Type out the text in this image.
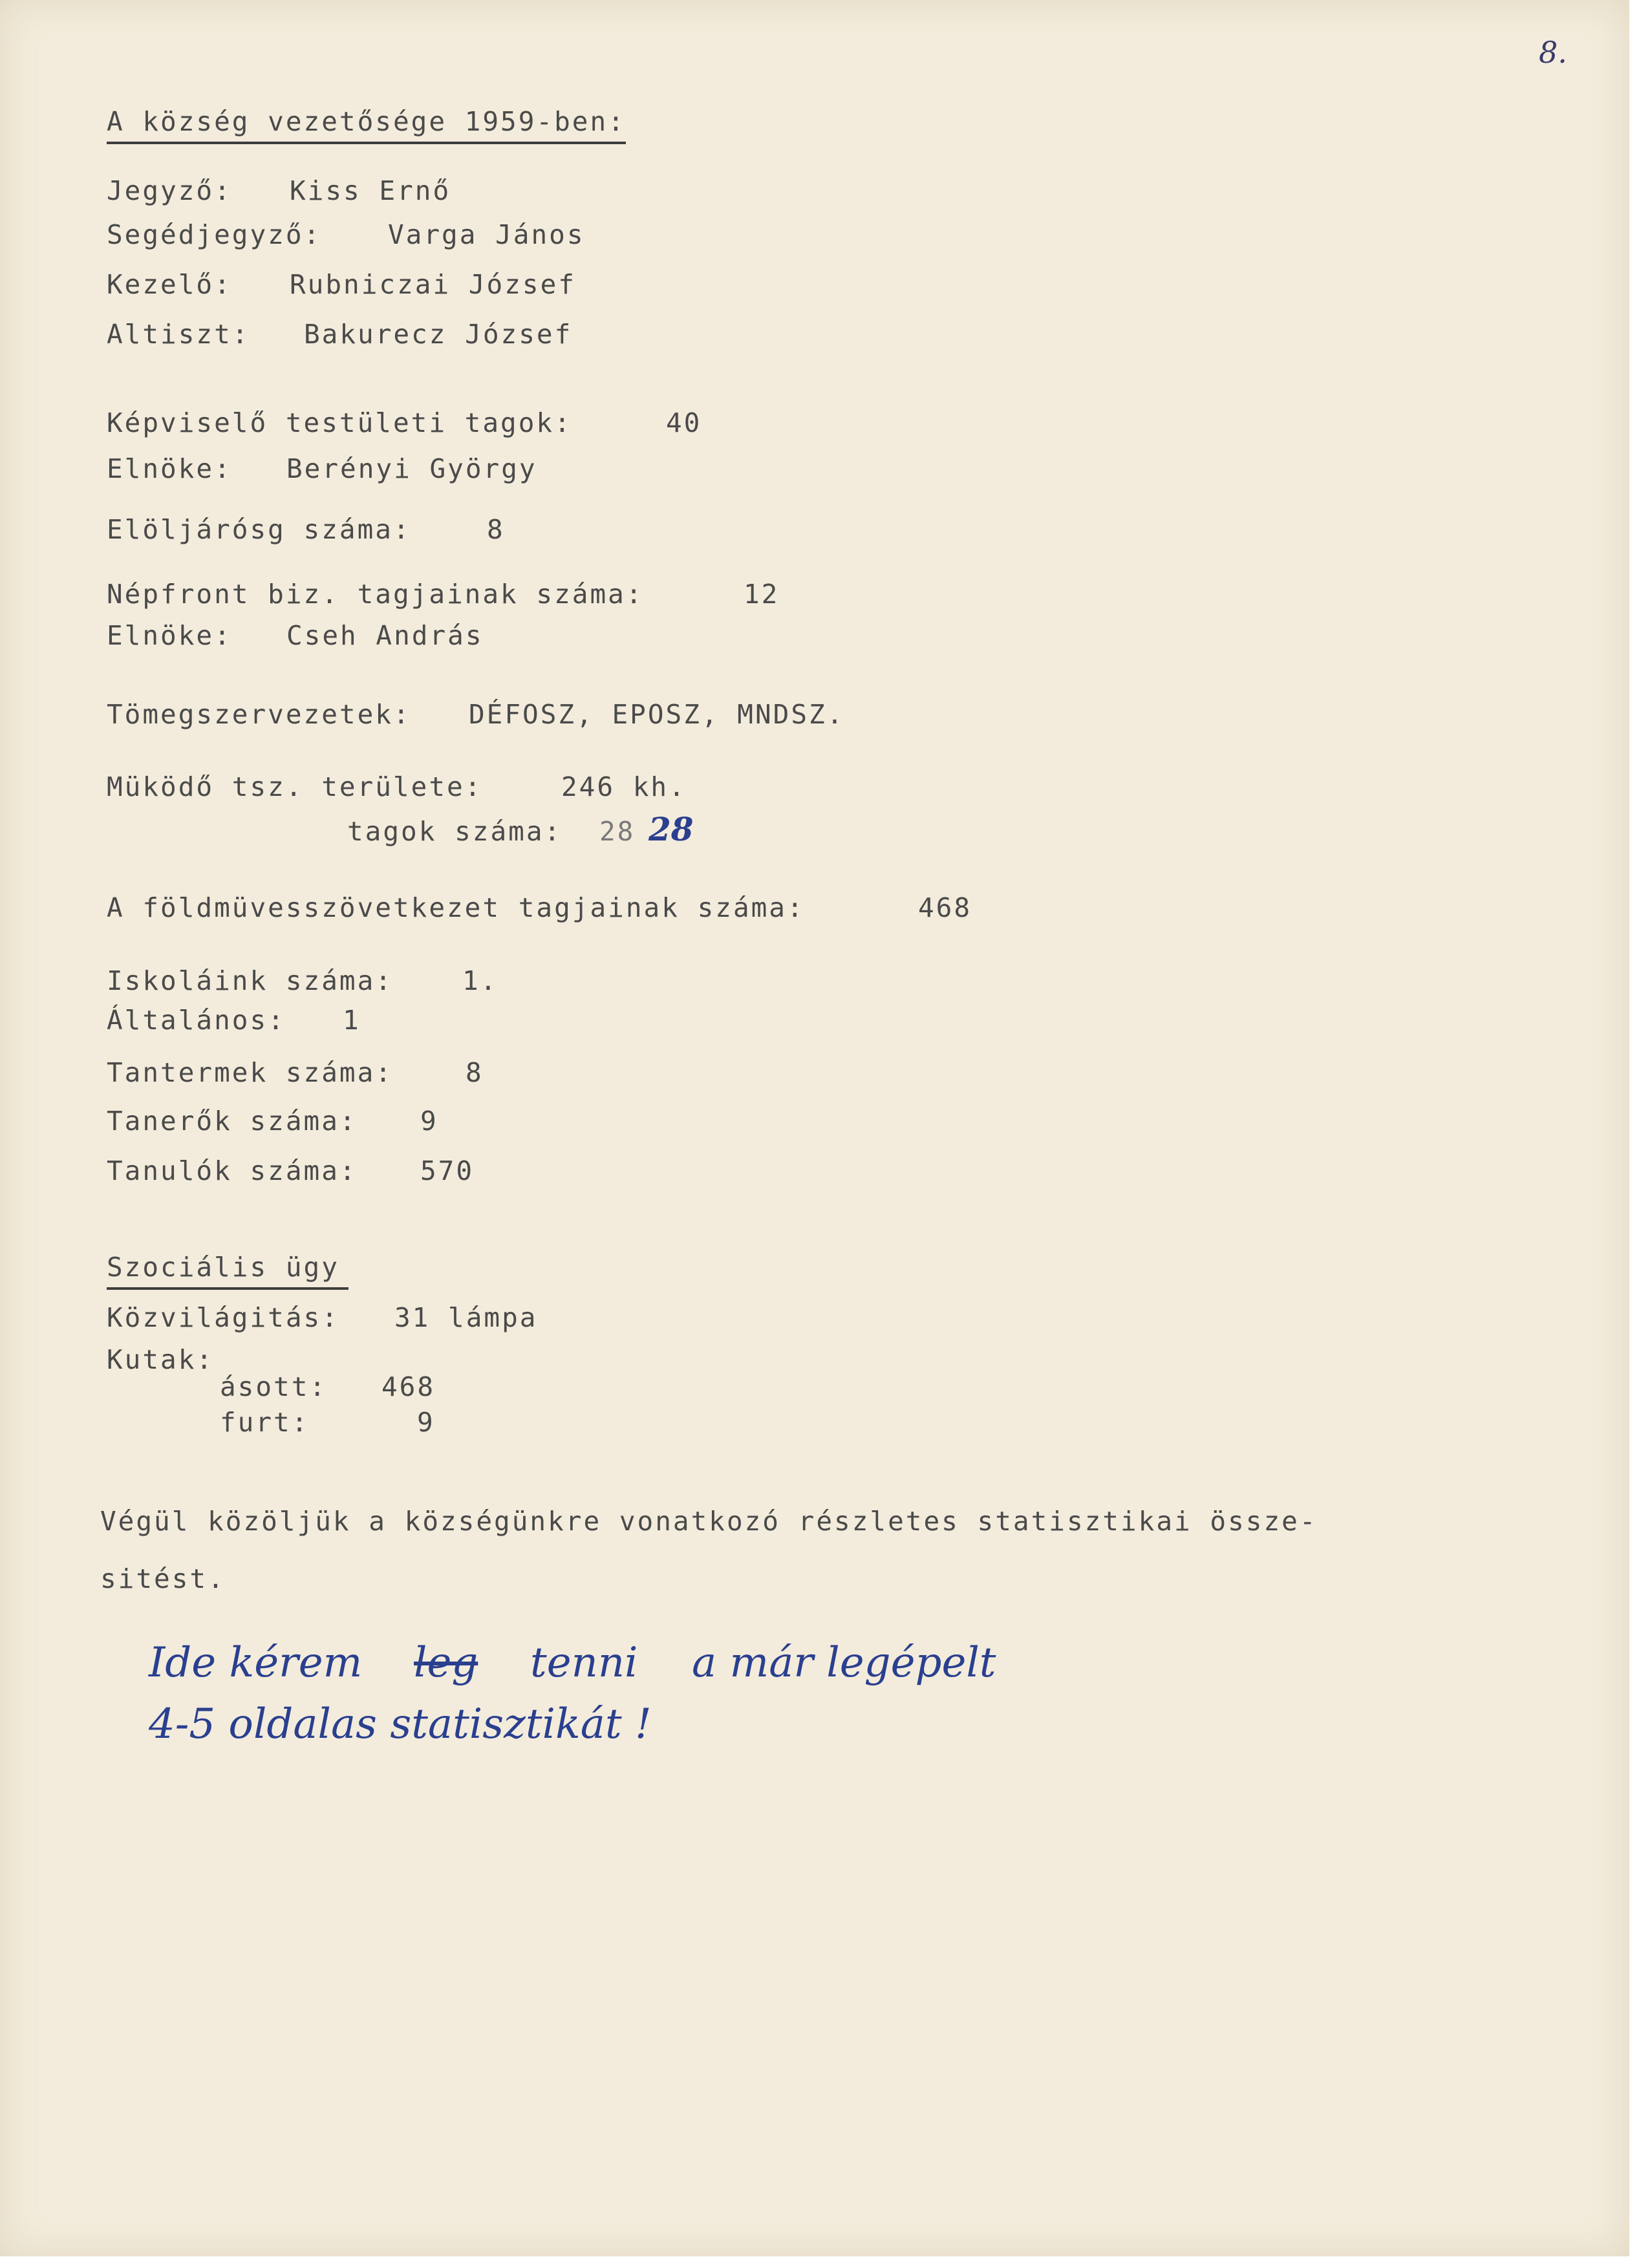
8.
A község vezetősége 1959-ben:
Jegyző: Kiss Ernő
Segédjegyző:	Varga János
Kezelő: Rubniczai József
Altiszt: Bakurecz József
Képviselő testületi tagok:	40
Elnöke: Berényi György
Elöljárósg száma:	8
Népfront biz. tagjainak száma:	12
Elnöke: Cseh András
Tömegszervezetek: DÉFOSZ, EPOSZ, MNDSZ.
Müködő tsz. területe:	246 kh.
tagok száma: 28 28
A földmüvesszövetkezet tagjainak száma:	468
Iskoláink száma:	1.
Általános: 1
Tantermek száma:	8
Tanerők száma: 9
Tanulók száma: 570
Szociális ügy
Közvilágitás: 31 lámpa
Kutak:
ásott: 468
furt:	9
Végül közöljük a községünkre vonatkozó részletes statisztikai össze-
sitést.
Ide kérem leg tenni a már legépelt
4-5 oldalas statisztikát !
